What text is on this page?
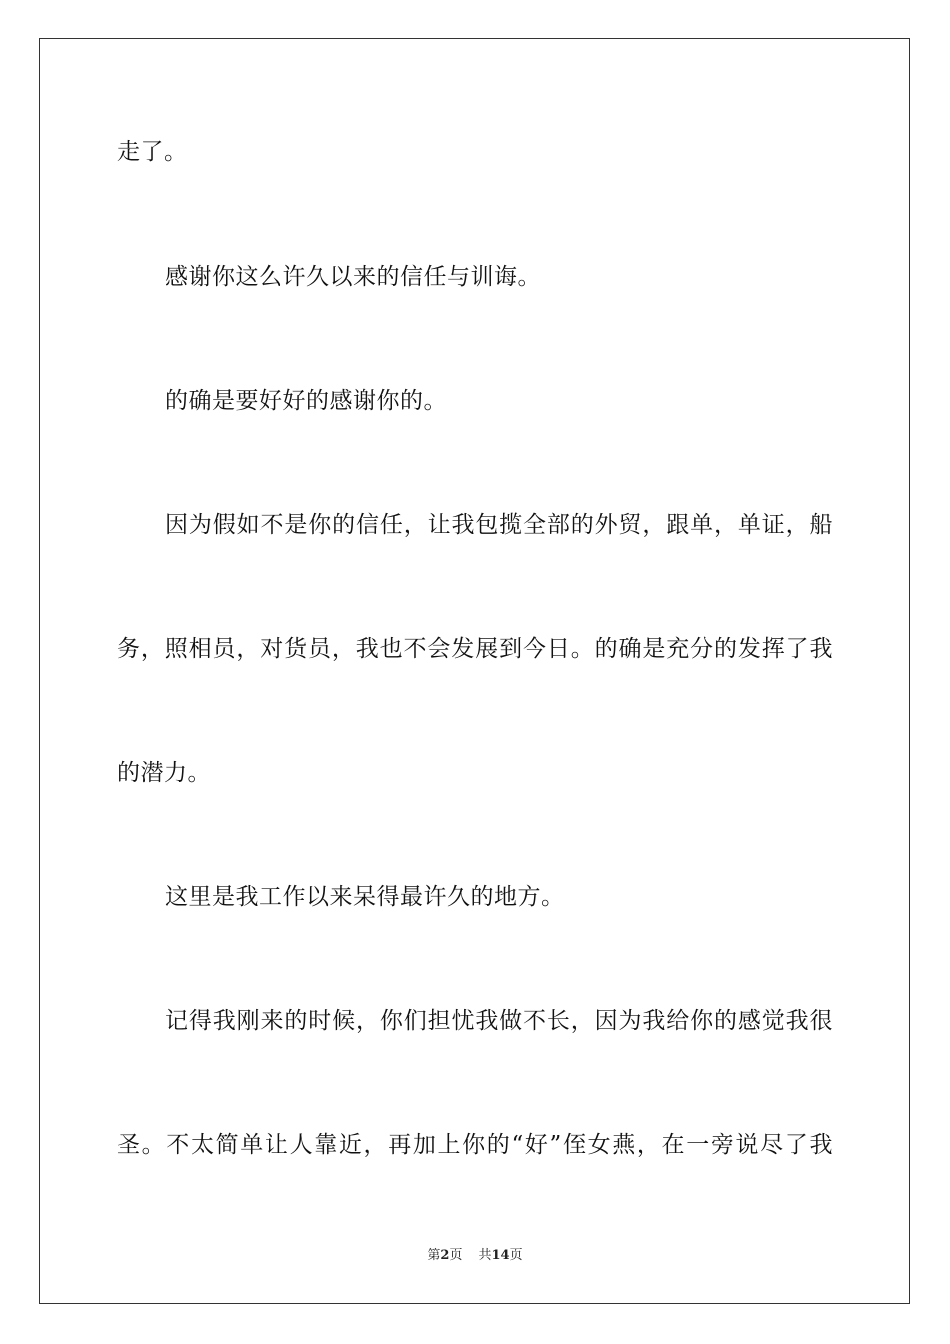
走了。
感谢你这么许久以来的信任与训诲。
的确是要好好的感谢你的。
因为假如不是你的信任，让我包揽全部的外贸，跟单，单证，船
务，照相员，对货员，我也不会发展到今日。的确是充分的发挥了我
的潜力。
这里是我工作以来呆得最许久的地方。
记得我刚来的时候，你们担忧我做不长，因为我给你的感觉我很
圣。不太简单让人靠近，再加上你的“好”侄女燕，在一旁说尽了我
第2页 共14页
